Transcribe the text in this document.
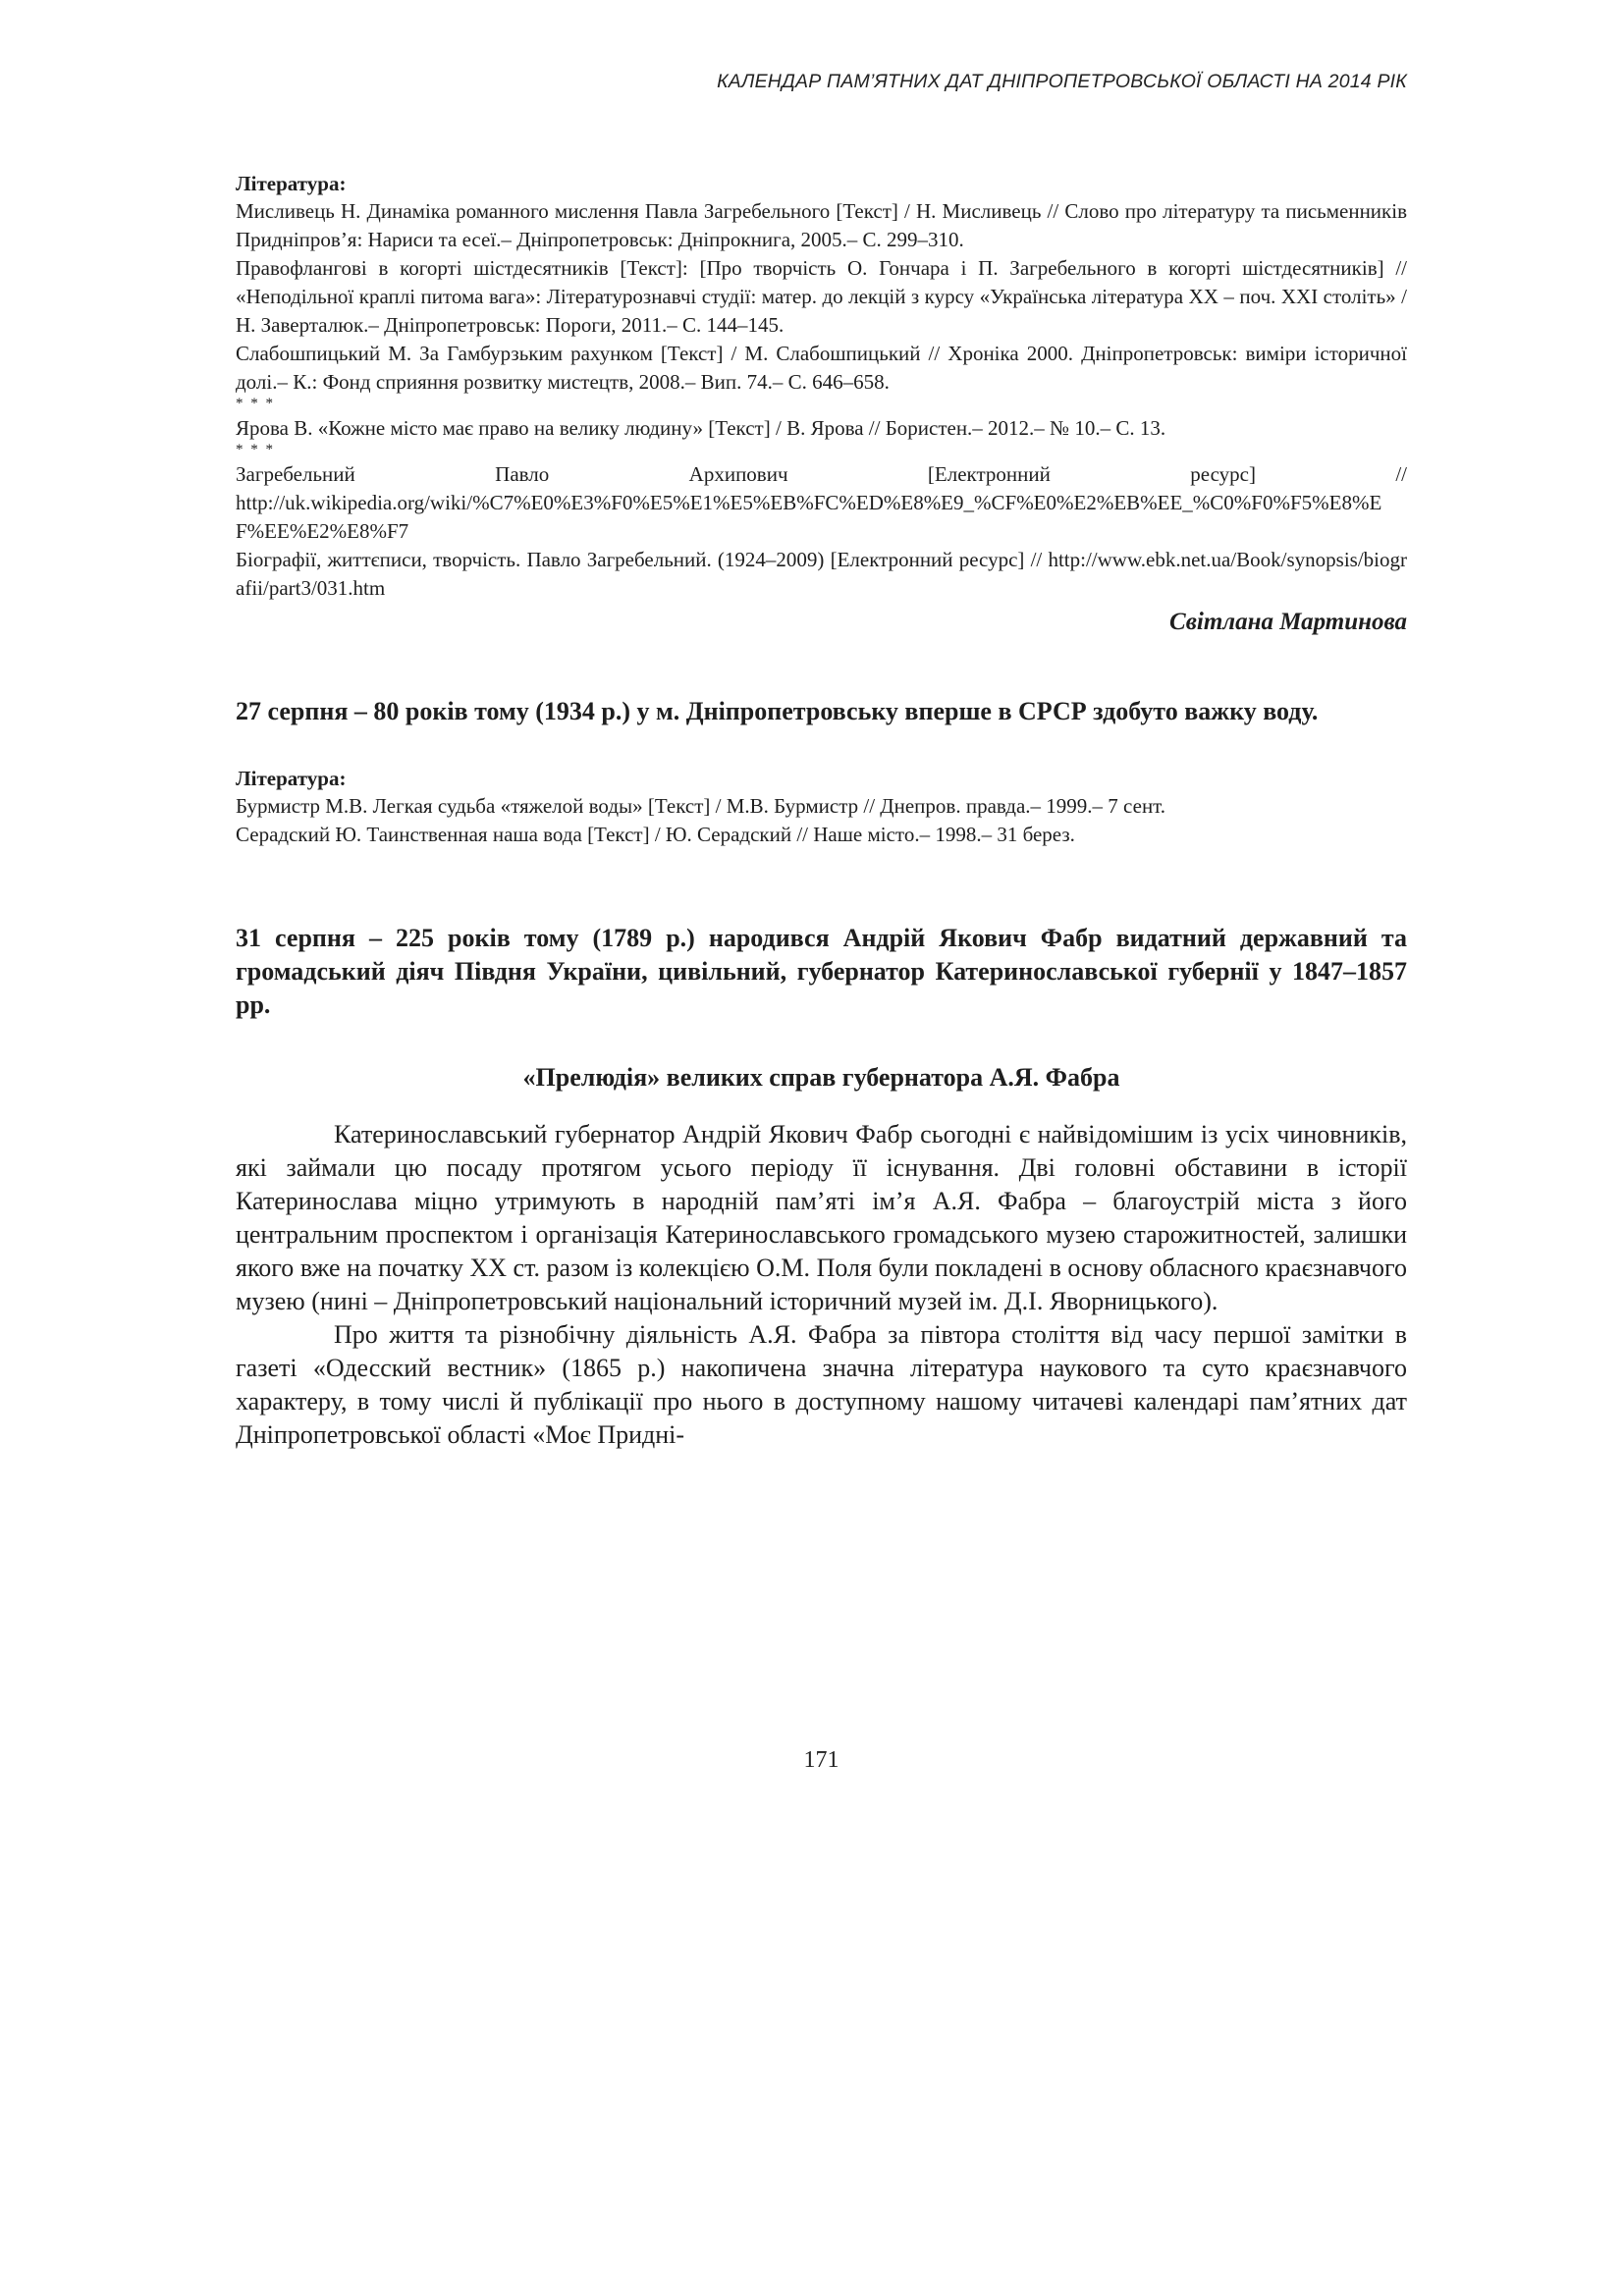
КАЛЕНДАР ПАМ’ЯТНИХ ДАТ ДНІПРОПЕТРОВСЬКОЇ ОБЛАСТІ НА 2014 РІК

Література:

Мисливець Н. Динаміка романного мислення Павла Загребельного [Текст] / Н. Мисливець // Слово про літературу та письменників Придніпров’я: Нариси та есеї.– Дніпропетровськ: Дніпрокнига, 2005.– С. 299–310.

Правофлангові в когорті шістдесятників [Текст]: [Про творчість О. Гончара і П. Загребельного в когорті шістдесятників] // «Неподільної краплі питома вага»: Літературознавчі студії: матер. до лекцій з курсу «Українська література ХХ – поч. ХХІ століть» / Н. Заверталюк.– Дніпропетровськ: Пороги, 2011.– С. 144–145.

Слабошпицький М. За Гамбурзьким рахунком [Текст] / М. Слабошпицький // Хроніка 2000. Дніпропетровськ: виміри історичної долі.– К.: Фонд сприяння розвитку мистецтв, 2008.– Вип. 74.– С. 646–658.

* * *

Ярова В. «Кожне місто має право на велику людину» [Текст] / В. Ярова // Бористен.– 2012.– № 10.– С. 13.

* * *

Загребельний Павло Архипович [Електронний ресурс] //

http://uk.wikipedia.org/wiki/%C7%E0%E3%F0%E5%E1%E5%EB%FC%ED%E8%E9_%CF%E0%E2%EB%EE_%C0%F0%F5%E8%EF%EE%E2%E8%F7

Біографії, життєписи, творчість. Павло Загребельний. (1924–2009) [Електронний ресурс] // http://www.ebk.net.ua/Book/synopsis/biografii/part3/031.htm

Світлана Мартинова

27 серпня – 80 років тому (1934 р.) у м. Дніпропетровську вперше в СРСР здобуто важку воду.

Література:

Бурмистр М.В. Легкая судьба «тяжелой воды» [Текст] / М.В. Бурмистр // Днепров. правда.– 1999.– 7 сент.

Серадский Ю. Таинственная наша вода [Текст] / Ю. Серадский // Наше місто.– 1998.– 31 берез.

31 серпня – 225 років тому (1789 р.) народився Андрій Якович Фабр видатний державний та громадський діяч Півдня України, цивільний, губернатор Катеринославської губернії у 1847–1857 рр.

«Прелюдія» великих справ губернатора А.Я. Фабра

Катеринославський губернатор Андрій Якович Фабр сьогодні є найвідомішим із усіх чиновників, які займали цю посаду протягом усього періоду її існування. Дві головні обставини в історії Катеринослава міцно утримують в народній пам’яті ім’я А.Я. Фабра – благоустрій міста з його центральним проспектом і організація Катеринославського громадського музею старожитностей, залишки якого вже на початку ХХ ст. разом із колекцією О.М. Поля були покладені в основу обласного краєзнавчого музею (нині – Дніпропетровський національний історичний музей ім. Д.І. Яворницького).

Про життя та різнобічну діяльність А.Я. Фабра за півтора століття від часу першої замітки в газеті «Одесский вестник» (1865 р.) накопичена значна література наукового та суто краєзнавчого характеру, в тому числі й публікації про нього в доступному нашому читачеві календарі пам’ятних дат Дніпропетровської області «Моє Придні-

171
